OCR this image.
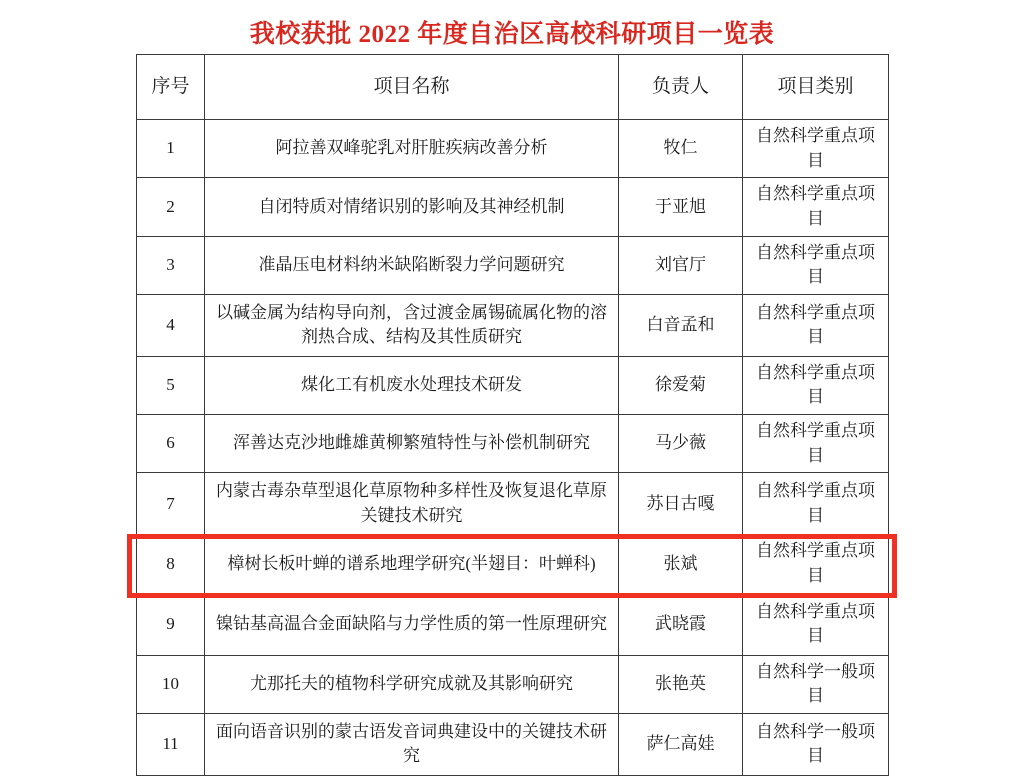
我校获批 2022 年度自治区高校科研项目一览表
序号	项目名称	负责人	项目类别
1	阿拉善双峰驼乳对肝脏疾病改善分析	牧仁	自然科学重点项目
2	自闭特质对情绪识别的影响及其神经机制	于亚旭	自然科学重点项目
3	准晶压电材料纳米缺陷断裂力学问题研究	刘官厅	自然科学重点项目
4	以碱金属为结构导向剂，含过渡金属锡硫属化物的溶剂热合成、结构及其性质研究	白音孟和	自然科学重点项目
5	煤化工有机废水处理技术研发	徐爱菊	自然科学重点项目
6	浑善达克沙地雌雄黄柳繁殖特性与补偿机制研究	马少薇	自然科学重点项目
7	内蒙古毒杂草型退化草原物种多样性及恢复退化草原关键技术研究	苏日古嘎	自然科学重点项目
8	樟树长板叶蝉的谱系地理学研究(半翅目：叶蝉科)	张斌	自然科学重点项目
9	镍钴基高温合金面缺陷与力学性质的第一性原理研究	武晓霞	自然科学重点项目
10	尤那托夫的植物科学研究成就及其影响研究	张艳英	自然科学一般项目
11	面向语音识别的蒙古语发音词典建设中的关键技术研究	萨仁高娃	自然科学一般项目
